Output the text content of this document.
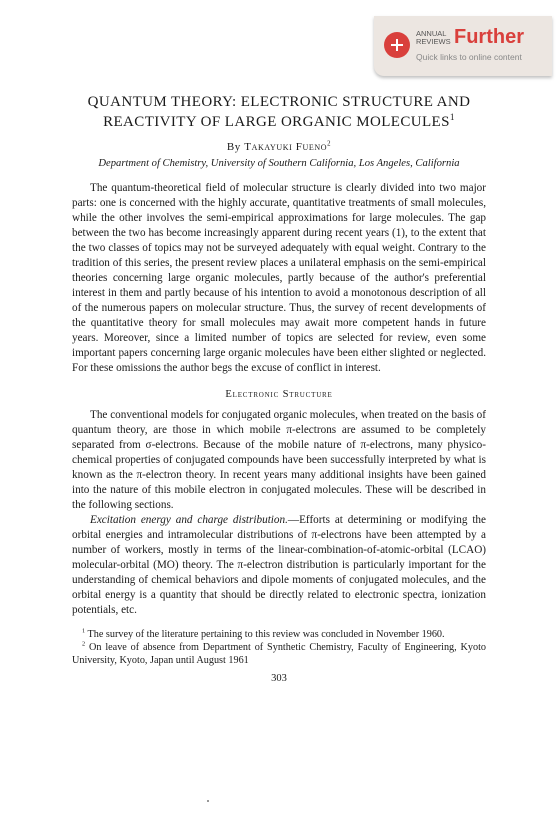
ANNUAL
REVIEWS Further
Quick links to online content
QUANTUM THEORY: ELECTRONIC STRUCTURE AND
REACTIVITY OF LARGE ORGANIC MOLECULES$^1$

By Takayuki Fueno$^2$

Department of Chemistry, University of Southern California, Los Angeles, California

The quantum-theoretical field of molecular structure is clearly divided into two major parts: one is concerned with the highly accurate, quantitative treatments of small molecules, while the other involves the semi-empirical approximations for large molecules. The gap between the two has become increasingly apparent during recent years (1), to the extent that the two classes of topics may not be surveyed adequately with equal weight. Contrary to the tradition of this series, the present review places a unilateral emphasis on the semi-empirical theories concerning large organic molecules, partly because of the author's preferential interest in them and partly because of his intention to avoid a monotonous description of all of the numerous papers on molecular structure. Thus, the survey of recent developments of the quantitative theory for small molecules may await more competent hands in future years. Moreover, since a limited number of topics are selected for review, even some important papers concerning large organic molecules have been either slighted or neglected. For these omissions the author begs the excuse of conflict in interest.

Electronic Structure

The conventional models for conjugated organic molecules, when treated on the basis of quantum theory, are those in which mobile π-electrons are assumed to be completely separated from σ-electrons. Because of the mobile nature of π-electrons, many physico-chemical properties of conjugated compounds have been successfully interpreted by what is known as the π-electron theory. In recent years many additional insights have been gained into the nature of this mobile electron in conjugated molecules. These will be described in the following sections.

Excitation energy and charge distribution.—Efforts at determining or modifying the orbital energies and intramolecular distributions of π-electrons have been attempted by a number of workers, mostly in terms of the linear-combination-of-atomic-orbital (LCAO) molecular-orbital (MO) theory. The π-electron distribution is particularly important for the understanding of chemical behaviors and dipole moments of conjugated molecules, and the orbital energy is a quantity that should be directly related to electronic spectra, ionization potentials, etc.

$^1$ The survey of the literature pertaining to this review was concluded in November 1960.

$^2$ On leave of absence from Department of Synthetic Chemistry, Faculty of Engineering, Kyoto University, Kyoto, Japan until August 1961

303
